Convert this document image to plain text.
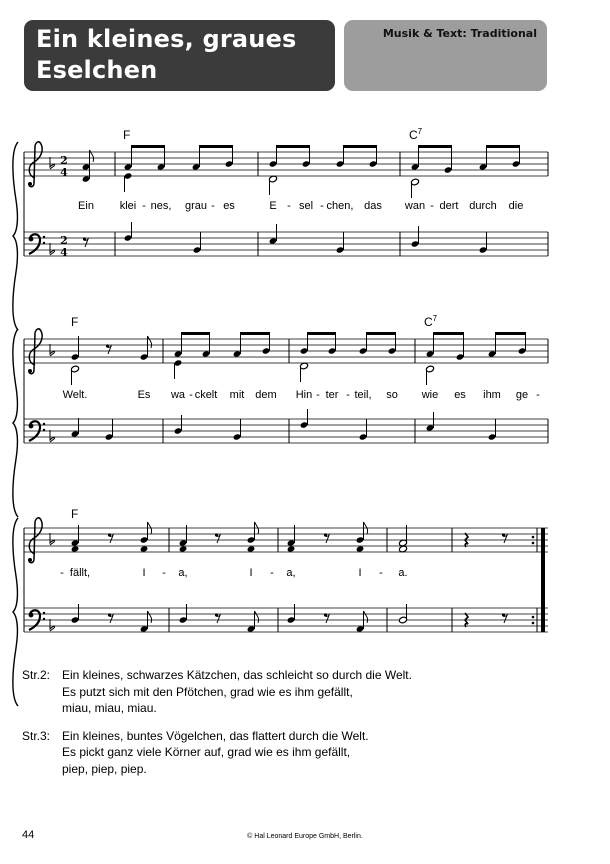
Ein kleines, graues
Eselchen
Musik & Text: Traditional
2
4
2
4
F	$C^7$
Ein klei - nes, grau - es	E - sel - chen, das wan - dert durch die
F	$C^7$
Welt.	Es wa - ckelt mit dem Hin - ter - teil, so wie es ihm ge -
F
- fällt,	I - a,	I - a,	I - a.
Str.2: Ein kleines, schwarzes Kätzchen, das schleicht so durch die Welt.
Es putzt sich mit den Pfötchen, grad wie es ihm gefällt,
miau, miau, miau.
Str.3: Ein kleines, buntes Vögelchen, das flattert durch die Welt.
Es pickt ganz viele Körner auf, grad wie es ihm gefällt,
piep, piep, piep.
44	© Hal Leonard Europe GmbH, Berlin.
